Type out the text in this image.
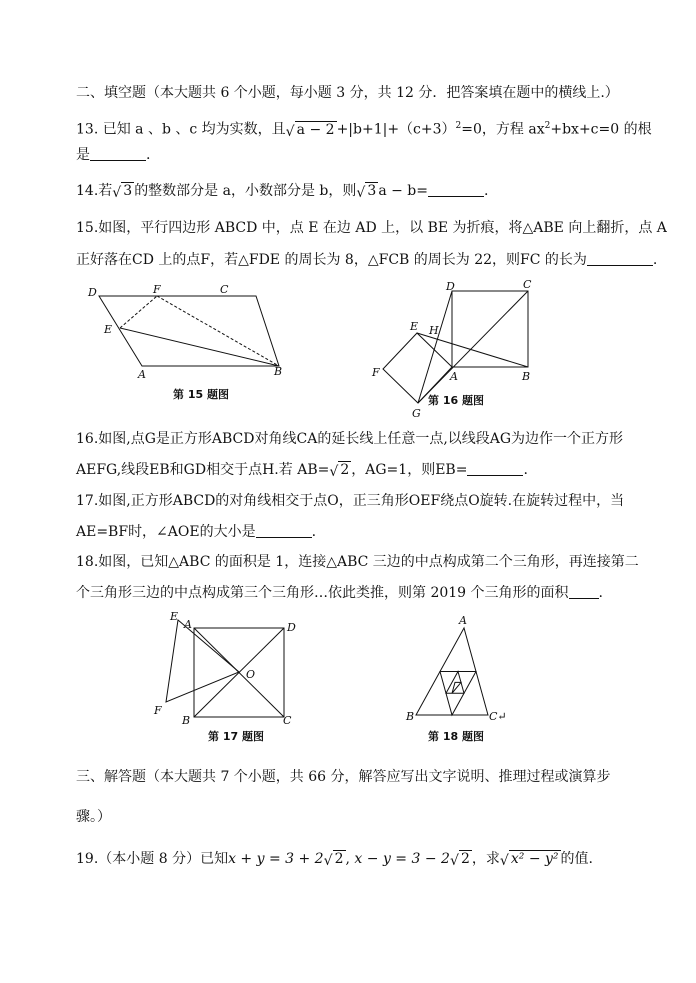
二、填空题（本大题共 6 个小题，每小题 3 分，共 12 分．把答案填在题中的横线上.）
13. 已知 a 、b 、c 均为实数，且 √ $a - 2 +|b+1|+(c+3)^2=0$，方程 $ax^2+bx+c=0$ 的根
是	.
14.若 √ 3 的整数部分是 a，小数部分是 b，则 √ 3 a − b=	.
15.如图，平行四边形 ABCD 中，点 E 在边 AD 上，以 BE 为折痕，将△ABE 向上翻折，点 A
正好落在CD 上的点F，若△FDE 的周长为 8，△FCB 的周长为 22，则FC 的长为	.
D	F	C
E
A	B
第 15 题图
D	C
E H
F	A	B
G
第 16 题图
16.如图,点G是正方形ABCD对角线CA的延长线上任意一点,以线段AG为边作一个正方形
AEFG,线段EB和GD相交于点H.若 AB= √ 2 ，AG=1，则EB=	.
17.如图,正方形ABCD的对角线相交于点O，正三角形OEF绕点O旋转.在旋转过程中，当
AE=BF时，∠AOE的大小是	.
18.如图，已知△ABC 的面积是 1，连接△ABC 三边的中点构成第二个三角形，再连接第二
个三角形三边的中点构成第三个三角形…依此类推，则第 2019 个三角形的面积 .
E
A	D
O
F
B	C
第 17 题图
A
B	C↵
第 18 题图
三、解答题（本大题共 7 个小题，共 66 分，解答应写出文字说明、推理过程或演算步
骤。）
19.（本小题 8 分）已知x + y = 3 + 2 √ 2 , x − y = 3 − 2 √ 2 ，求 √ x² − y² 的值.
